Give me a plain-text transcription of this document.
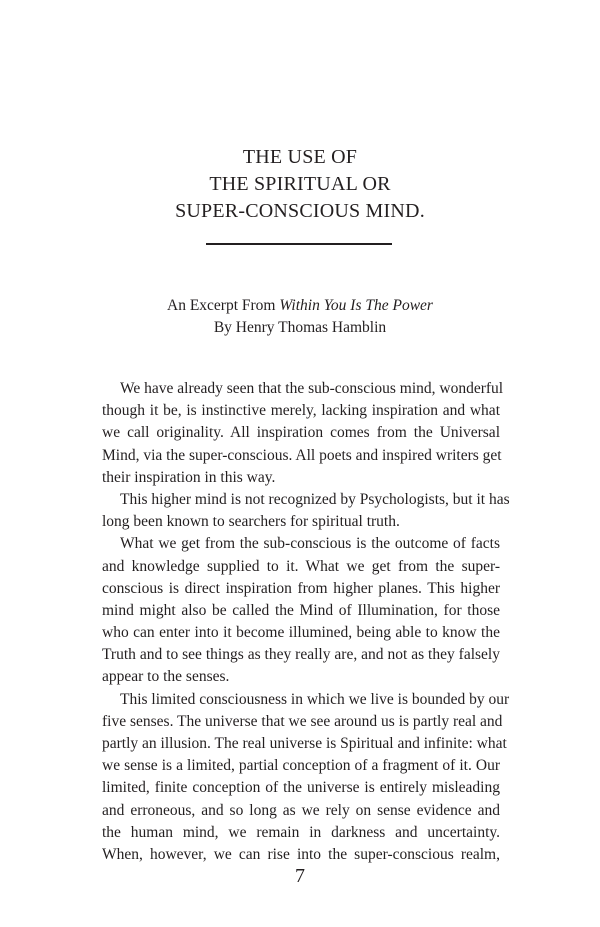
THE USE OF
THE SPIRITUAL OR
SUPER-CONSCIOUS MIND.
An Excerpt From Within You Is The Power
By Henry Thomas Hamblin
We have already seen that the sub-conscious mind, wonderful
though it be, is instinctive merely, lacking inspiration and what
we call originality. All inspiration comes from the Universal
Mind, via the super-conscious. All poets and inspired writers get
their inspiration in this way.
This higher mind is not recognized by Psychologists, but it has
long been known to searchers for spiritual truth.
What we get from the sub-conscious is the outcome of facts
and knowledge supplied to it. What we get from the super-
conscious is direct inspiration from higher planes. This higher
mind might also be called the Mind of Illumination, for those
who can enter into it become illumined, being able to know the
Truth and to see things as they really are, and not as they falsely
appear to the senses.
This limited consciousness in which we live is bounded by our
five senses. The universe that we see around us is partly real and
partly an illusion. The real universe is Spiritual and infinite: what
we sense is a limited, partial conception of a fragment of it. Our
limited, finite conception of the universe is entirely misleading
and erroneous, and so long as we rely on sense evidence and
the human mind, we remain in darkness and uncertainty.
When, however, we can rise into the super-conscious realm,
7
